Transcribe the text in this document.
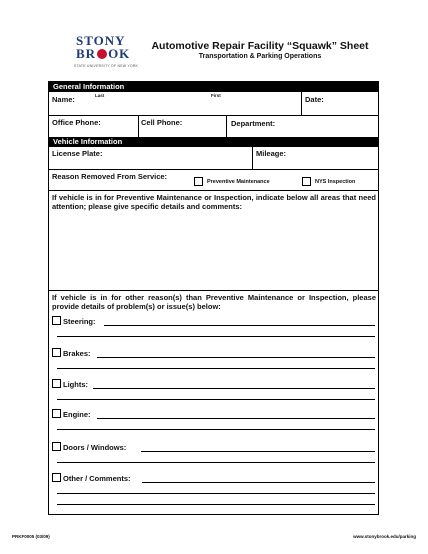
STONY
BR OK
STATE UNIVERSITY OF NEW YORK
Automotive Repair Facility “Squawk” Sheet
Transportation & Parking Operations
General Information
Name:	Last	First	Date:
Office Phone:	Cell Phone:	Department:
Vehicle Information
License Plate:	Mileage:
Reason Removed From Service:
Preventive Maintenance	NYS Inspection
If vehicle is in for Preventive Maintenance or Inspection, indicate below all areas that need attention; please give specific details and comments:
If vehicle is in for other reason(s) than Preventive Maintenance or Inspection, please provide details of problem(s) or issue(s) below:
Steering:
Brakes:
Lights:
Engine:
Doors / Windows:
Other / Comments:
PRKF0005 (03/09)	www.stonybrook.edu/parking
